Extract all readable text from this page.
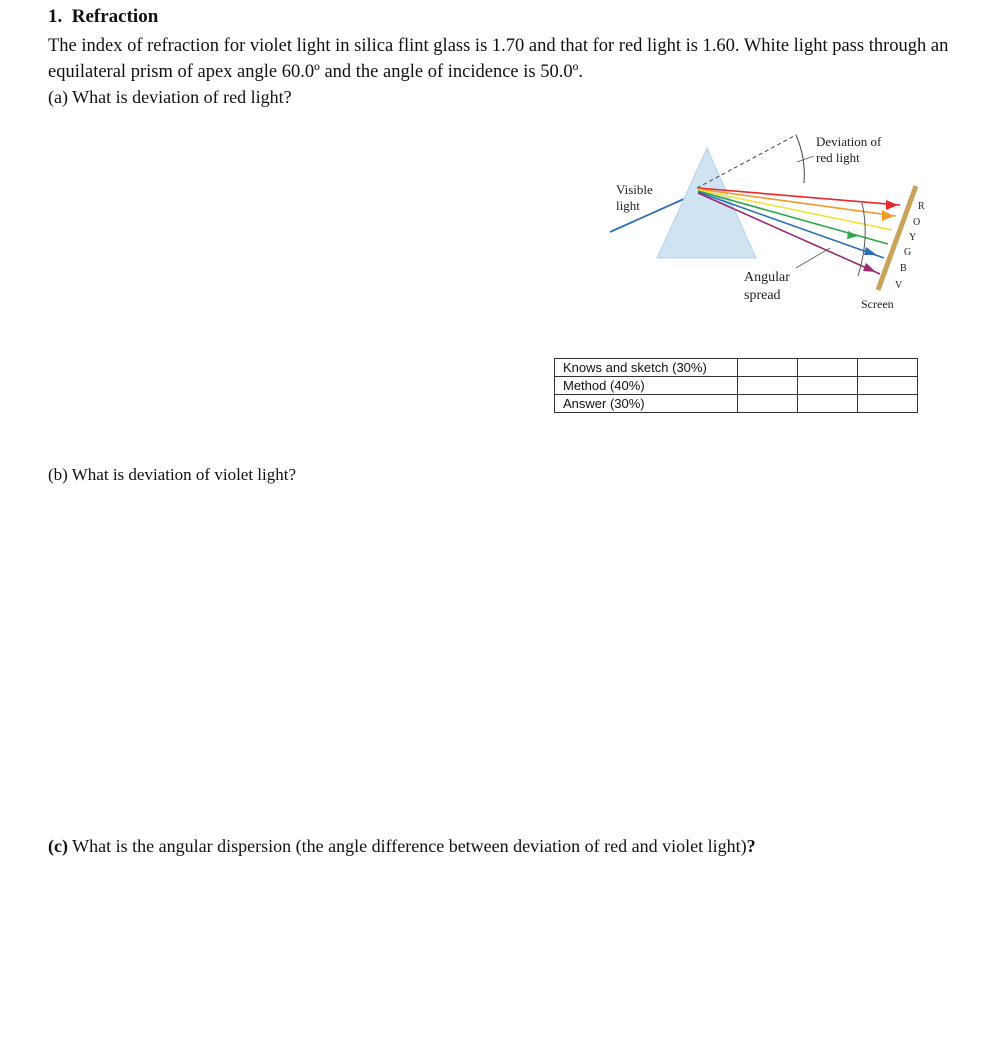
1. Refraction
The index of refraction for violet light in silica flint glass is 1.70 and that for red light is 1.60. White light pass through an equilateral prism of apex angle 60.0º and the angle of incidence is 50.0º.
(a) What is deviation of red light?
Visible
light
Deviation of
red light
Angular
spread
Screen
R
O
Y
G
B
V
Knows and sketch (30%)			
Method (40%)			
Answer (30%)			
(b) What is deviation of violet light?
(c) What is the angular dispersion (the angle difference between deviation of red and violet light)?
